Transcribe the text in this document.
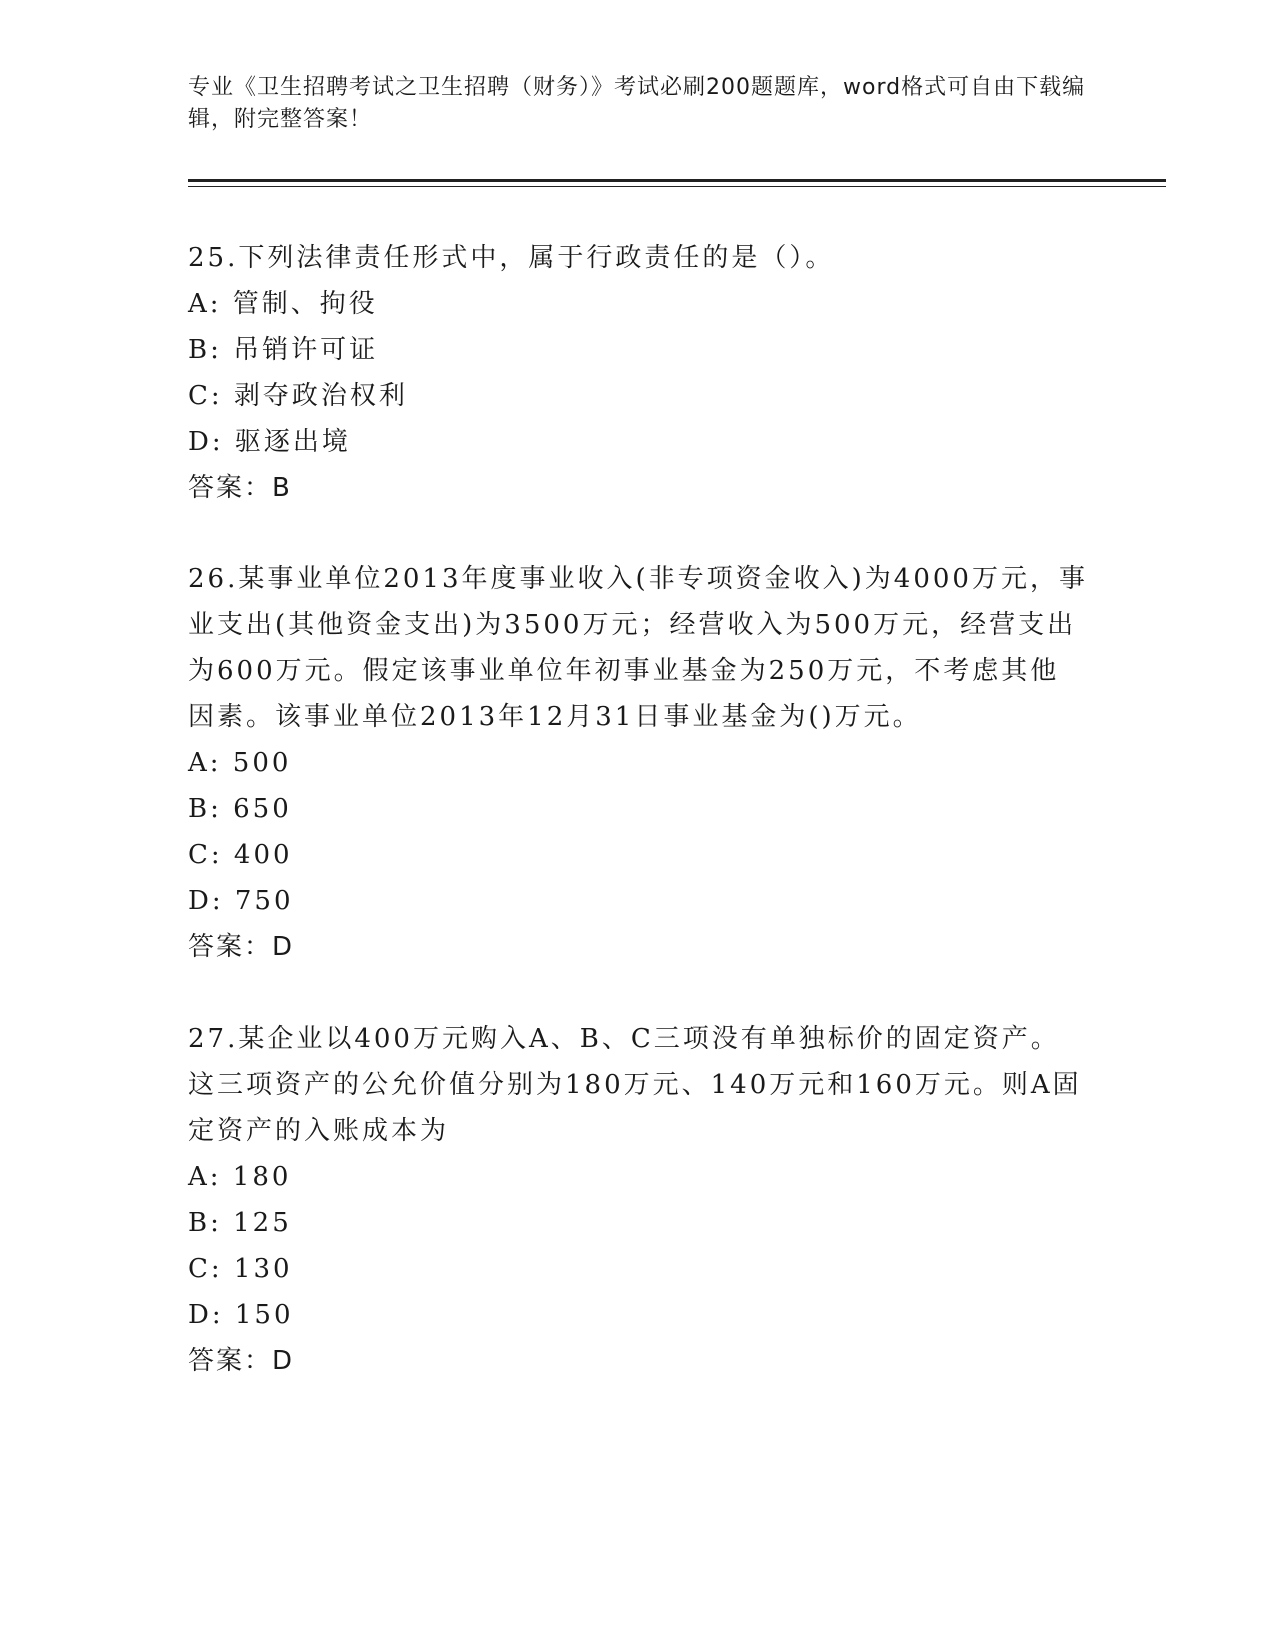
专业《卫生招聘考试之卫生招聘（财务）》考试必刷200题题库，word格式可自由下载编辑，附完整答案！
25.下列法律责任形式中，属于行政责任的是（）。
A: 管制、拘役
B: 吊销许可证
C: 剥夺政治权利
D: 驱逐出境
答案：B
26.某事业单位2013年度事业收入(非专项资金收入)为4000万元，事业支出(其他资金支出)为3500万元；经营收入为500万元，经营支出为600万元。假定该事业单位年初事业基金为250万元，不考虑其他因素。该事业单位2013年12月31日事业基金为()万元。
A: 500
B: 650
C: 400
D: 750
答案：D
27.某企业以400万元购入A、B、C三项没有单独标价的固定资产。这三项资产的公允价值分别为180万元、140万元和160万元。则A固定资产的入账成本为
A: 180
B: 125
C: 130
D: 150
答案：D
